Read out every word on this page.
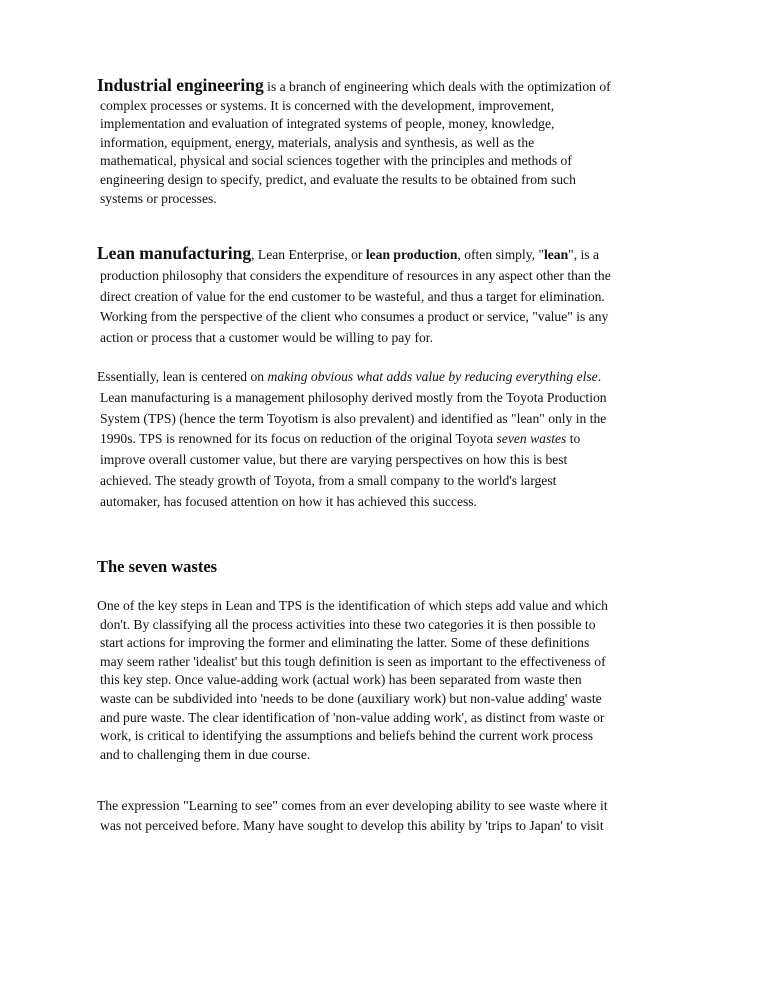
Industrial engineering is a branch of engineering which deals with the optimization of
complex processes or systems. It is concerned with the development, improvement,
implementation and evaluation of integrated systems of people, money, knowledge,
information, equipment, energy, materials, analysis and synthesis, as well as the
mathematical, physical and social sciences together with the principles and methods of
engineering design to specify, predict, and evaluate the results to be obtained from such
systems or processes.
Lean manufacturing, Lean Enterprise, or lean production, often simply, "lean", is a
production philosophy that considers the expenditure of resources in any aspect other than the
direct creation of value for the end customer to be wasteful, and thus a target for elimination.
Working from the perspective of the client who consumes a product or service, "value" is any
action or process that a customer would be willing to pay for.
Essentially, lean is centered on making obvious what adds value by reducing everything else.
Lean manufacturing is a management philosophy derived mostly from the Toyota Production
System (TPS) (hence the term Toyotism is also prevalent) and identified as "lean" only in the
1990s. TPS is renowned for its focus on reduction of the original Toyota seven wastes to
improve overall customer value, but there are varying perspectives on how this is best
achieved. The steady growth of Toyota, from a small company to the world's largest
automaker, has focused attention on how it has achieved this success.
The seven wastes
One of the key steps in Lean and TPS is the identification of which steps add value and which
don't. By classifying all the process activities into these two categories it is then possible to
start actions for improving the former and eliminating the latter. Some of these definitions
may seem rather 'idealist' but this tough definition is seen as important to the effectiveness of
this key step. Once value-adding work (actual work) has been separated from waste then
waste can be subdivided into 'needs to be done (auxiliary work) but non-value adding' waste
and pure waste. The clear identification of 'non-value adding work', as distinct from waste or
work, is critical to identifying the assumptions and beliefs behind the current work process
and to challenging them in due course.
The expression "Learning to see" comes from an ever developing ability to see waste where it
was not perceived before. Many have sought to develop this ability by 'trips to Japan' to visit
